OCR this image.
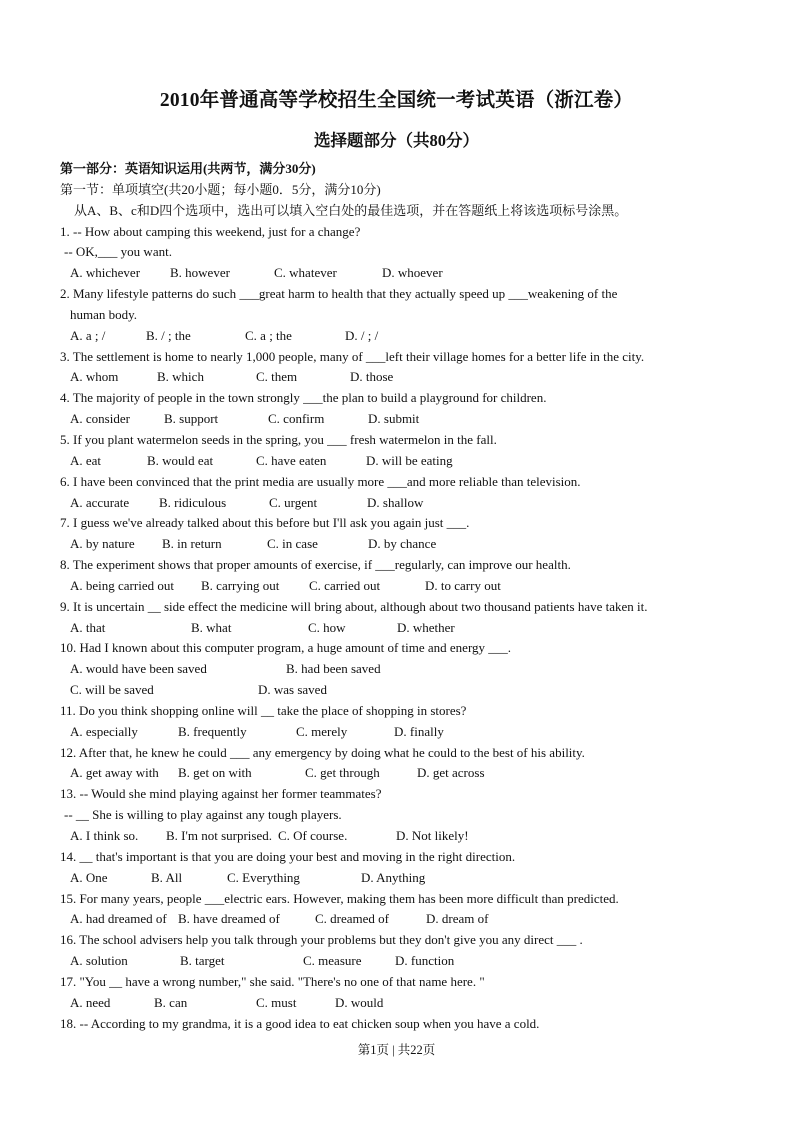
2010年普通高等学校招生全国统一考试英语（浙江卷）
选择题部分（共80分）
第一部分：英语知识运用(共两节，满分30分)
第一节：单项填空(共20小题；每小题0．5分，满分10分)
从A、B、c和D四个选项中，选出可以填入空白处的最佳选项，并在答题纸上将该选项标号涂黑。
1. -- How about camping this weekend, just for a change?
-- OK,___ you want.
A. whichever B. however	C. whatever	D. whoever
2. Many lifestyle patterns do such ___great harm to health that they actually speed up ___weakening of the
human body.
A. a ; /	B. / ; the	C. a ; the	D. / ; /
3. The settlement is home to nearly 1,000 people, many of ___left their village homes for a better life in the city.
A. whom	B. which	C. them	D. those
4. The majority of people in the town strongly ___the plan to build a playground for children.
A. consider	B. support	C. confirm	D. submit
5. If you plant watermelon seeds in the spring, you ___ fresh watermelon in the fall.
A. eat	B. would eat	C. have eaten	D. will be eating
6. I have been convinced that the print media are usually more ___and more reliable than television.
A. accurate B. ridiculous	C. urgent	D. shallow
7. I guess we've already talked about this before but I'll ask you again just ___.
A. by nature B. in return	C. in case	D. by chance
8. The experiment shows that proper amounts of exercise, if ___regularly, can improve our health.
A. being carried out B. carrying out C. carried out	D. to carry out
9. It is uncertain __ side effect the medicine will bring about, although about two thousand patients have taken it.
A. that	B. what	C. how	D. whether
10. Had I known about this computer program, a huge amount of time and energy ___.
A. would have been saved	B. had been saved
C. will be saved	D. was saved
11. Do you think shopping online will __ take the place of shopping in stores?
A. especially	B. frequently	C. merely	D. finally
12. After that, he knew he could ___ any emergency by doing what he could to the best of his ability.
A. get away with B. get on with	C. get through	D. get across
13. -- Would she mind playing against her former teammates?
-- __ She is willing to play against any tough players.
A. I think so. B. I'm not surprised. C. Of course.	D. Not likely!
14. __ that's important is that you are doing your best and moving in the right direction.
A. One	B. All	C. Everything	D. Anything
15. For many years, people ___electric ears. However, making them has been more difficult than predicted.
A. had dreamed of B. have dreamed of	C. dreamed of	D. dream of
16. The school advisers help you talk through your problems but they don't give you any direct ___ .
A. solution	B. target	C. measure	D. function
17. "You __ have a wrong number," she said. "There's no one of that name here. "
A. need	B. can	C. must	D. would
18. -- According to my grandma, it is a good idea to eat chicken soup when you have a cold.
第1页 | 共22页
